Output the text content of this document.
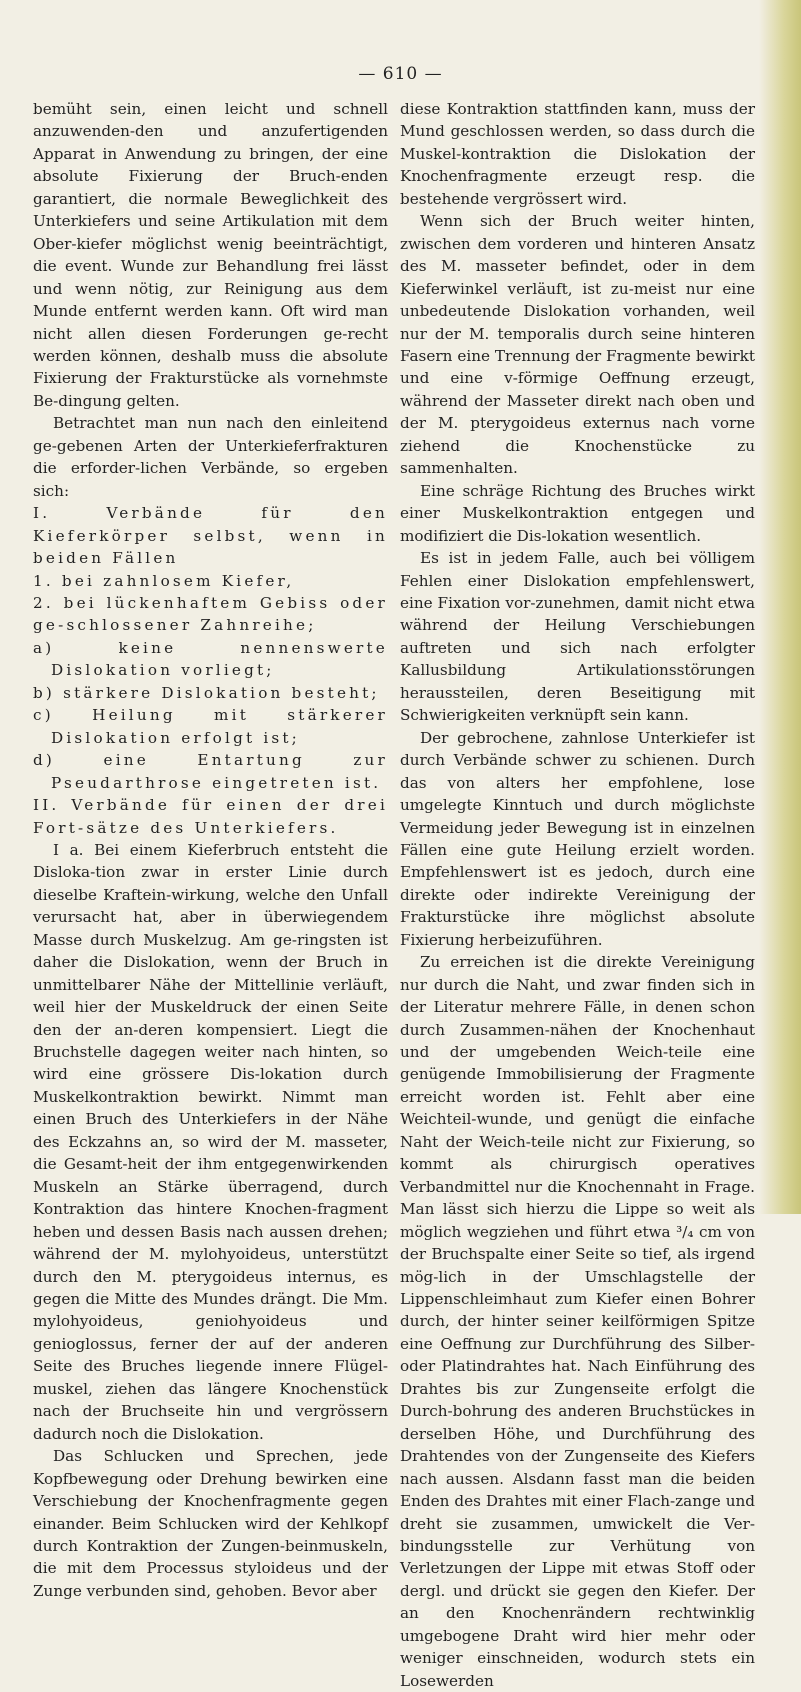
— 610 —

bemüht sein, einen leicht und schnell anzuwenden-den und anzufertigenden Apparat in Anwendung zu bringen, der eine absolute Fixierung der Bruch-enden garantiert, die normale Beweglichkeit des Unterkiefers und seine Artikulation mit dem Ober-kiefer möglichst wenig beeinträchtigt, die event. Wunde zur Behandlung frei lässt und wenn nötig, zur Reinigung aus dem Munde entfernt werden kann. Oft wird man nicht allen diesen Forderungen ge-recht werden können, deshalb muss die absolute Fixierung der Frakturstücke als vornehmste Be-dingung gelten.

Betrachtet man nun nach den einleitend ge-gebenen Arten der Unterkieferfrakturen die erforder-lichen Verbände, so ergeben sich:

I. Verbände für den Kieferkörper selbst, wenn in beiden Fällen

1. bei zahnlosem Kiefer,

2. bei lückenhaftem Gebiss oder ge-schlossener Zahnreihe;

a) keine nennenswerte Dislokation vorliegt;

b) stärkere Dislokation besteht;

c) Heilung mit stärkerer Dislokation erfolgt ist;

d) eine Entartung zur Pseudarthrose eingetreten ist.

II. Verbände für einen der drei Fort-sätze des Unterkiefers.

I a. Bei einem Kieferbruch entsteht die Disloka-tion zwar in erster Linie durch dieselbe Kraftein-wirkung, welche den Unfall verursacht hat, aber in überwiegendem Masse durch Muskelzug. Am ge-ringsten ist daher die Dislokation, wenn der Bruch in unmittelbarer Nähe der Mittellinie verläuft, weil hier der Muskeldruck der einen Seite den der an-deren kompensiert. Liegt die Bruchstelle dagegen weiter nach hinten, so wird eine grössere Dis-lokation durch Muskelkontraktion bewirkt. Nimmt man einen Bruch des Unterkiefers in der Nähe des Eckzahns an, so wird der M. masseter, die Gesamt-heit der ihm entgegenwirkenden Muskeln an Stärke überragend, durch Kontraktion das hintere Knochen-fragment heben und dessen Basis nach aussen drehen; während der M. mylohyoideus, unterstützt durch den M. pterygoideus internus, es gegen die Mitte des Mundes drängt. Die Mm. mylohyoideus, geniohyoideus und genioglossus, ferner der auf der anderen Seite des Bruches liegende innere Flügel-muskel, ziehen das längere Knochenstück nach der Bruchseite hin und vergrössern dadurch noch die Dislokation.

Das Schlucken und Sprechen, jede Kopfbewegung oder Drehung bewirken eine Verschiebung der Knochenfragmente gegen einander. Beim Schlucken wird der Kehlkopf durch Kontraktion der Zungen-beinmuskeln, die mit dem Processus styloideus und der Zunge verbunden sind, gehoben. Bevor aber

diese Kontraktion stattfinden kann, muss der Mund geschlossen werden, so dass durch die Muskel-kontraktion die Dislokation der Knochenfragmente erzeugt resp. die bestehende vergrössert wird.

Wenn sich der Bruch weiter hinten, zwischen dem vorderen und hinteren Ansatz des M. masseter befindet, oder in dem Kieferwinkel verläuft, ist zu-meist nur eine unbedeutende Dislokation vorhanden, weil nur der M. temporalis durch seine hinteren Fasern eine Trennung der Fragmente bewirkt und eine v-förmige Oeffnung erzeugt, während der Masseter direkt nach oben und der M. pterygoideus externus nach vorne ziehend die Knochenstücke zu sammenhalten.

Eine schräge Richtung des Bruches wirkt einer Muskelkontraktion entgegen und modifiziert die Dis-lokation wesentlich.

Es ist in jedem Falle, auch bei völligem Fehlen einer Dislokation empfehlenswert, eine Fixation vor-zunehmen, damit nicht etwa während der Heilung Verschiebungen auftreten und sich nach erfolgter Kallusbildung Artikulationsstörungen heraussteilen, deren Beseitigung mit Schwierigkeiten verknüpft sein kann.

Der gebrochene, zahnlose Unterkiefer ist durch Verbände schwer zu schienen. Durch das von alters her empfohlene, lose umgelegte Kinntuch und durch möglichste Vermeidung jeder Bewegung ist in einzelnen Fällen eine gute Heilung erzielt worden. Empfehlenswert ist es jedoch, durch eine direkte oder indirekte Vereinigung der Frakturstücke ihre möglichst absolute Fixierung herbeizuführen.

Zu erreichen ist die direkte Vereinigung nur durch die Naht, und zwar finden sich in der Literatur mehrere Fälle, in denen schon durch Zusammen-nähen der Knochenhaut und der umgebenden Weich-teile eine genügende Immobilisierung der Fragmente erreicht worden ist. Fehlt aber eine Weichteil-wunde, und genügt die einfache Naht der Weich-teile nicht zur Fixierung, so kommt als chirurgisch operatives Verbandmittel nur die Knochennaht in Frage. Man lässt sich hierzu die Lippe so weit als möglich wegziehen und führt etwa ³/₄ cm von der Bruchspalte einer Seite so tief, als irgend mög-lich in der Umschlagstelle der Lippenschleimhaut zum Kiefer einen Bohrer durch, der hinter seiner keilförmigen Spitze eine Oeffnung zur Durchführung des Silber- oder Platindrahtes hat. Nach Einführung des Drahtes bis zur Zungenseite erfolgt die Durch-bohrung des anderen Bruchstückes in derselben Höhe, und Durchführung des Drahtendes von der Zungenseite des Kiefers nach aussen. Alsdann fasst man die beiden Enden des Drahtes mit einer Flach-zange und dreht sie zusammen, umwickelt die Ver-bindungsstelle zur Verhütung von Verletzungen der Lippe mit etwas Stoff oder dergl. und drückt sie gegen den Kiefer. Der an den Knochenrändern rechtwinklig umgebogene Draht wird hier mehr oder weniger einschneiden, wodurch stets ein Losewerden
